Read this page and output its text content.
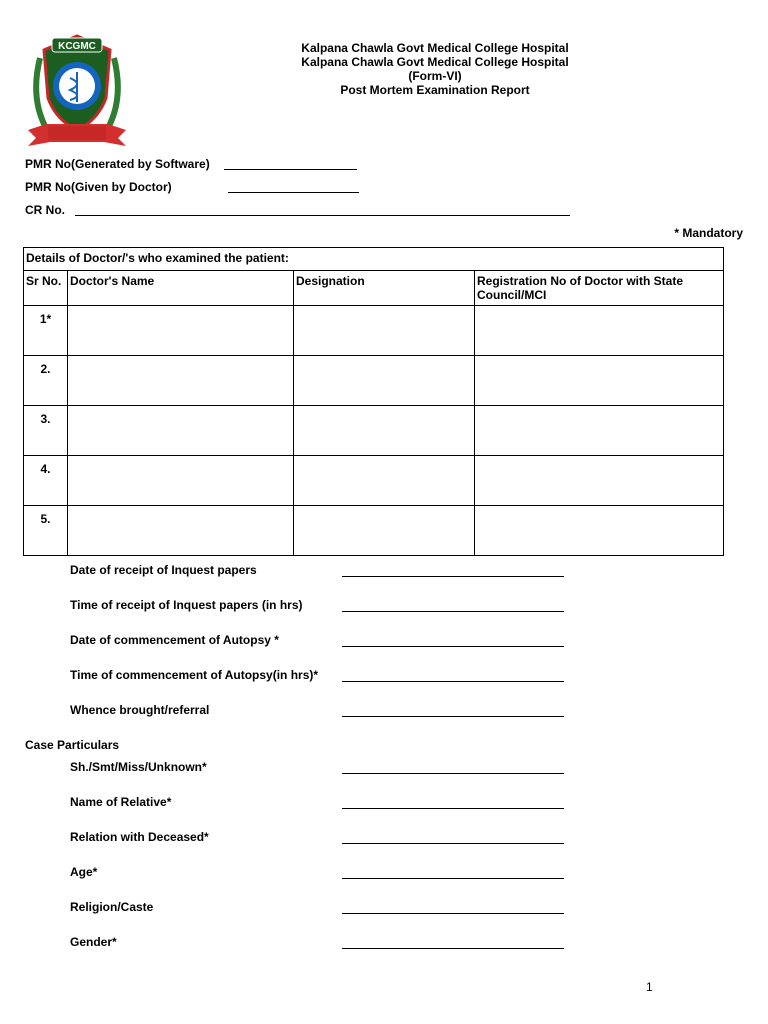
KCGMC	Kalpana Chawla Govt Medical College Hospital
Kalpana Chawla Govt Medical College Hospital
(Form-VI)
Post Mortem Examination Report
PMR No(Generated by Software)
PMR No(Given by Doctor)
CR No.
* Mandatory
Details of Doctor/'s who examined the patient:			
Sr No.	Doctor's Name	Designation	Registration No of Doctor with State Council/MCI
1*			
2.			
3.			
4.			
5.			
Date of receipt of Inquest papers
Time of receipt of Inquest papers (in hrs)
Date of commencement of Autopsy *
Time of commencement of Autopsy(in hrs)*
Whence brought/referral
Case Particulars
Sh./Smt/Miss/Unknown*
Name of Relative*
Relation with Deceased*
Age*
Religion/Caste
Gender*
1
